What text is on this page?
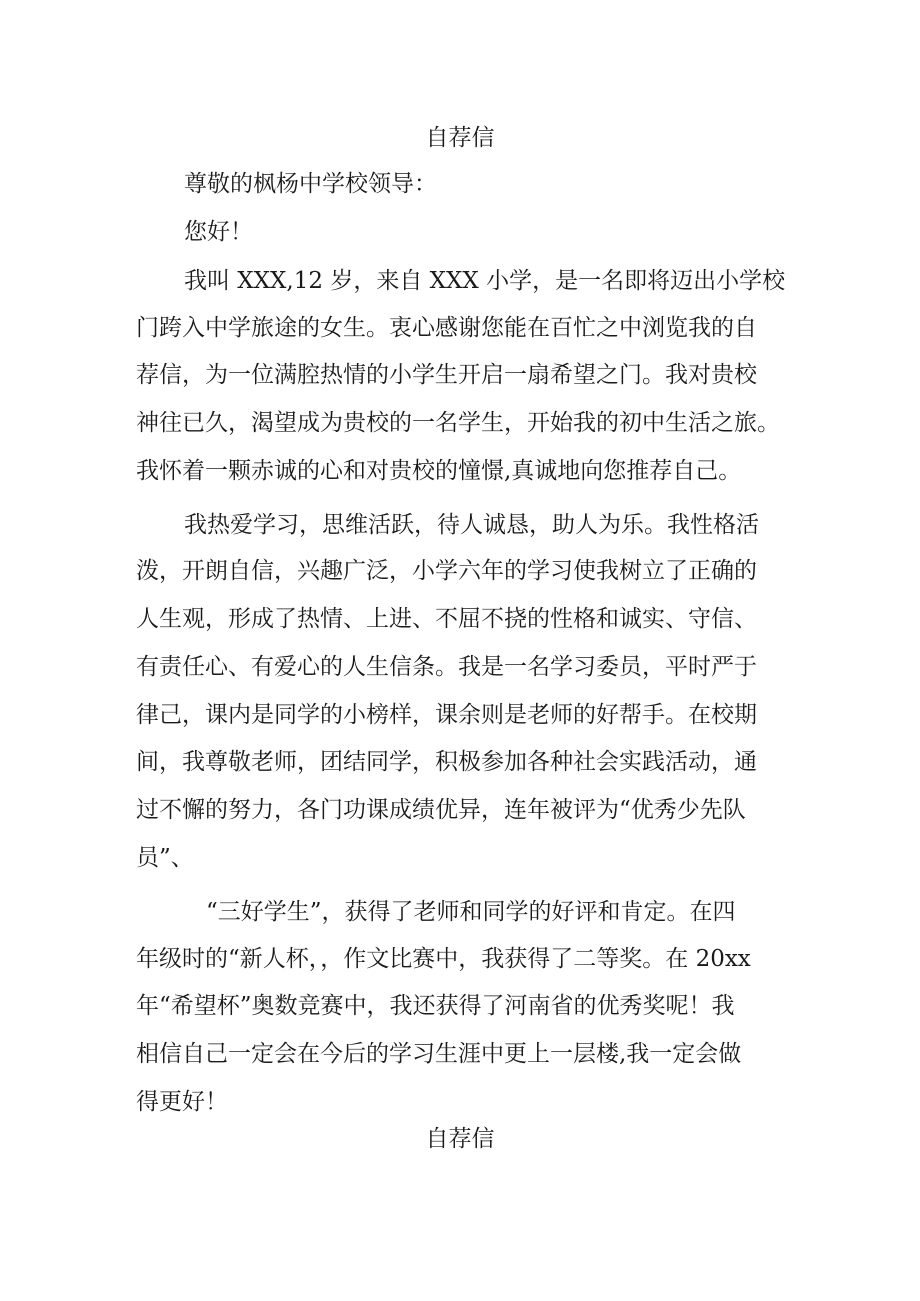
自荐信

尊敬的枫杨中学校领导：

您好！

我叫 XXX,12 岁，来自 XXX 小学，是一名即将迈出小学校

门跨入中学旅途的女生。衷心感谢您能在百忙之中浏览我的自

荐信，为一位满腔热情的小学生开启一扇希望之门。我对贵校

神往已久，渴望成为贵校的一名学生，开始我的初中生活之旅。

我怀着一颗赤诚的心和对贵校的憧憬,真诚地向您推荐自己。

我热爱学习，思维活跃，待人诚恳，助人为乐。我性格活

泼，开朗自信，兴趣广泛，小学六年的学习使我树立了正确的

人生观，形成了热情、上进、不屈不挠的性格和诚实、守信、

有责任心、有爱心的人生信条。我是一名学习委员，平时严于

律己，课内是同学的小榜样，课余则是老师的好帮手。在校期

间，我尊敬老师，团结同学，积极参加各种社会实践活动，通

过不懈的努力，各门功课成绩优异，连年被评为“优秀少先队

员”、

“三好学生”，获得了老师和同学的好评和肯定。在四

年级时的“新人杯，，作文比赛中，我获得了二等奖。在 20xx

年“希望杯”奥数竞赛中，我还获得了河南省的优秀奖呢！我

相信自己一定会在今后的学习生涯中更上一层楼,我一定会做

得更好！

自荐信
